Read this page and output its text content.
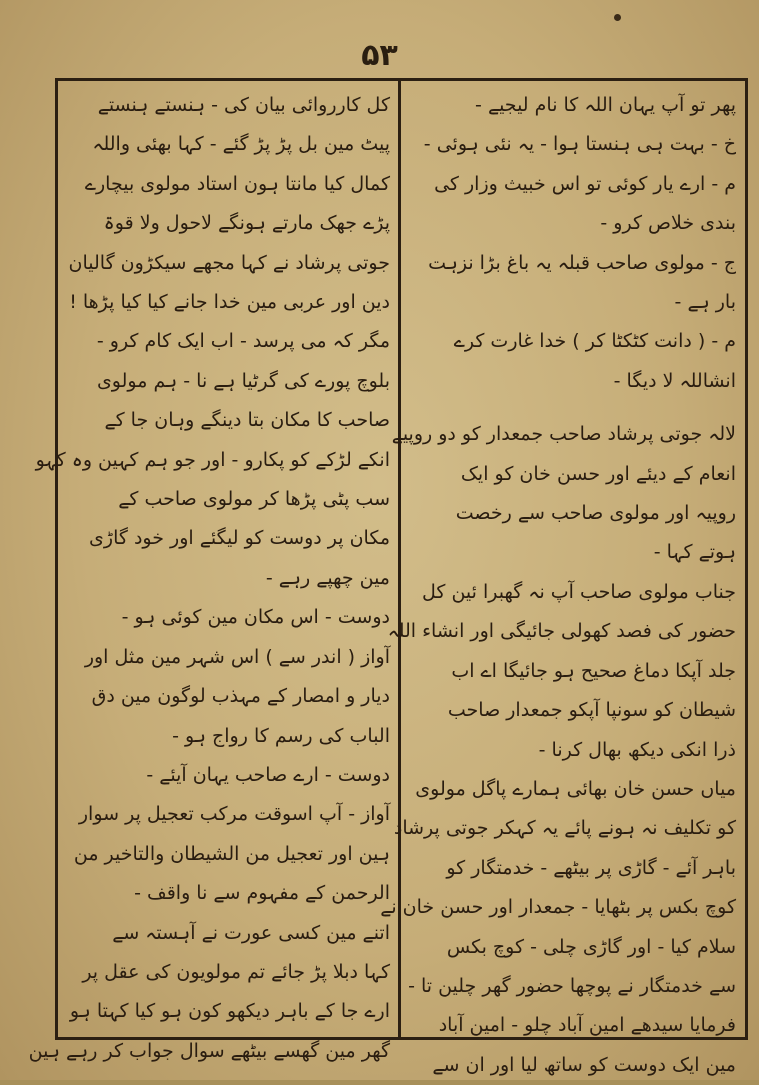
۵۳
پھر تو آپ یہان اللہ کا نام لیجیے -
خ - بہت ہی ہنستا ہوا - یہ نئی ہوئی -
م - ارے یار کوئی تو اس خبیث وزار کی
بندی خلاص کرو -
ج - مولوی صاحب قبلہ یہ باغ بڑا نزہت
بار ہے -
م - ( دانت کٹکٹا کر ) خدا غارت کرے
انشاللہ لا دیگا -
لالہ جوتی پرشاد صاحب جمعدار کو دو روپیے
انعام کے دیئے اور حسن خان کو ایک
روپیہ اور مولوی صاحب سے رخصت
ہوتے کہا -
جناب مولوی صاحب آپ نہ گھبرا ئین کل
حضور کی فصد کھولی جائیگی اور انشاء اللہ
جلد آپکا دماغ صحیح ہو جائیگا اے اب
شیطان کو سونپا آپکو جمعدار صاحب
ذرا انکی دیکھ بھال کرنا -
میاں حسن خان بھائی ہمارے پاگل مولوی
کو تکلیف نہ ہونے پائے یہ کہکر جوتی پرشاد
باہر آئے - گاڑی پر بیٹھے - خدمتگار کو
کوچ بکس پر بٹھایا - جمعدار اور حسن خان نے
سلام کیا - اور گاڑی چلی - کوچ بکس
سے خدمتگار نے پوچھا حضور گھر چلین تا -
فرمایا سیدھے امین آباد چلو - امین آباد
مین ایک دوست کو ساتھ لیا اور ان سے
کل کارروائی بیان کی - ہنستے ہنستے
پیٹ مین بل پڑ پڑ گئے - کہا بھئی واللہ
کمال کیا مانتا ہون استاد مولوی بیچارے
پڑے جھک مارتے ہونگے لاحول ولا قوۃ
جوتی پرشاد نے کہا مجھے سیکڑون گالیان
دین اور عربی مین خدا جانے کیا کیا پڑھا !
مگر کہ می پرسد - اب ایک کام کرو -
بلوچ پورے کی گرٹیا ہے نا - ہم مولوی
صاحب کا مکان بتا دینگے وہان جا کے
انکے لڑکے کو پکارو - اور جو ہم کہین وہ کہو
سب پٹی پڑھا کر مولوی صاحب کے
مکان پر دوست کو لیگئے اور خود گاڑی
مین چھپے رہے -
دوست - اس مکان مین کوئی ہو -
آواز ( اندر سے ) اس شہر مین مثل اور
دیار و امصار کے مہذب لوگون مین دق
الباب کی رسم کا رواج ہو -
دوست - ارے صاحب یہان آیئے -
آواز - آپ اسوقت مرکب تعجیل پر سوار
ہین اور تعجیل من الشیطان والتاخیر من
الرحمن کے مفہوم سے نا واقف -
اتنے مین کسی عورت نے آہستہ سے
کہا دبلا پڑ جائے تم مولویون کی عقل پر
ارے جا کے باہر دیکھو کون ہو کیا کہتا ہو
گھر مین گھسے بیٹھے سوال جواب کر رہے ہین
